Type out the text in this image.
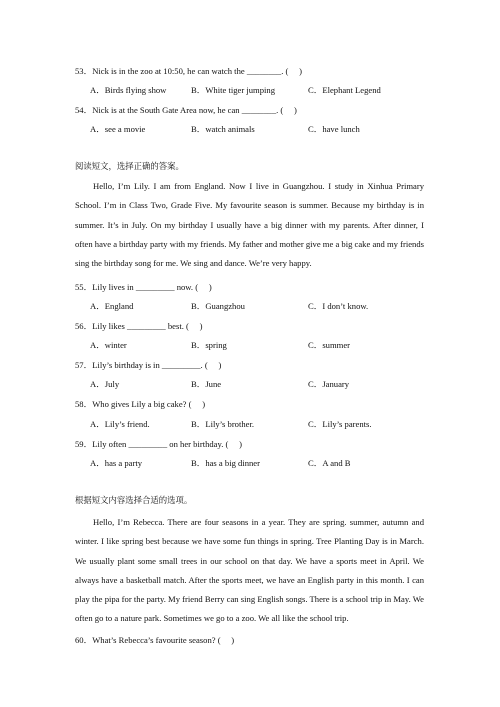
53．Nick is in the zoo at 10:50, he can watch the ________. (　 )
A．Birds flying show	B．White tiger jumping	C．Elephant Legend
54．Nick is at the South Gate Area now, he can ________. (　 )
A．see a movie	B．watch animals	C．have lunch
阅读短文，选择正确的答案。
Hello, I’m Lily. I am from England. Now I live in Guangzhou. I study in Xinhua Primary School. I’m in Class Two, Grade Five. My favourite season is summer. Because my birthday is in summer. It’s in July. On my birthday I usually have a big dinner with my parents. After dinner, I often have a birthday party with my friends. My father and mother give me a big cake and my friends sing the birthday song for me. We sing and dance. We’re very happy.
55．Lily lives in _________ now. (　 )
A．England	B．Guangzhou	C．I don’t know.
56．Lily likes _________ best. (　 )
A．winter	B．spring	C．summer
57．Lily’s birthday is in _________. (　 )
A．July	B．June	C．January
58．Who gives Lily a big cake? (　 )
A．Lily’s friend.	B．Lily’s brother.	C．Lily’s parents.
59．Lily often _________ on her birthday. (　 )
A．has a party	B．has a big dinner	C．A and B
根据短文内容选择合适的选项。
Hello, I’m Rebecca. There are four seasons in a year. They are spring. summer, autumn and winter. I like spring best because we have some fun things in spring. Tree Planting Day is in March. We usually plant some small trees in our school on that day. We have a sports meet in April. We always have a basketball match. After the sports meet, we have an English party in this month. I can play the pipa for the party. My friend Berry can sing English songs. There is a school trip in May. We often go to a nature park. Sometimes we go to a zoo. We all like the school trip.
60．What’s Rebecca’s favourite season? (　 )
